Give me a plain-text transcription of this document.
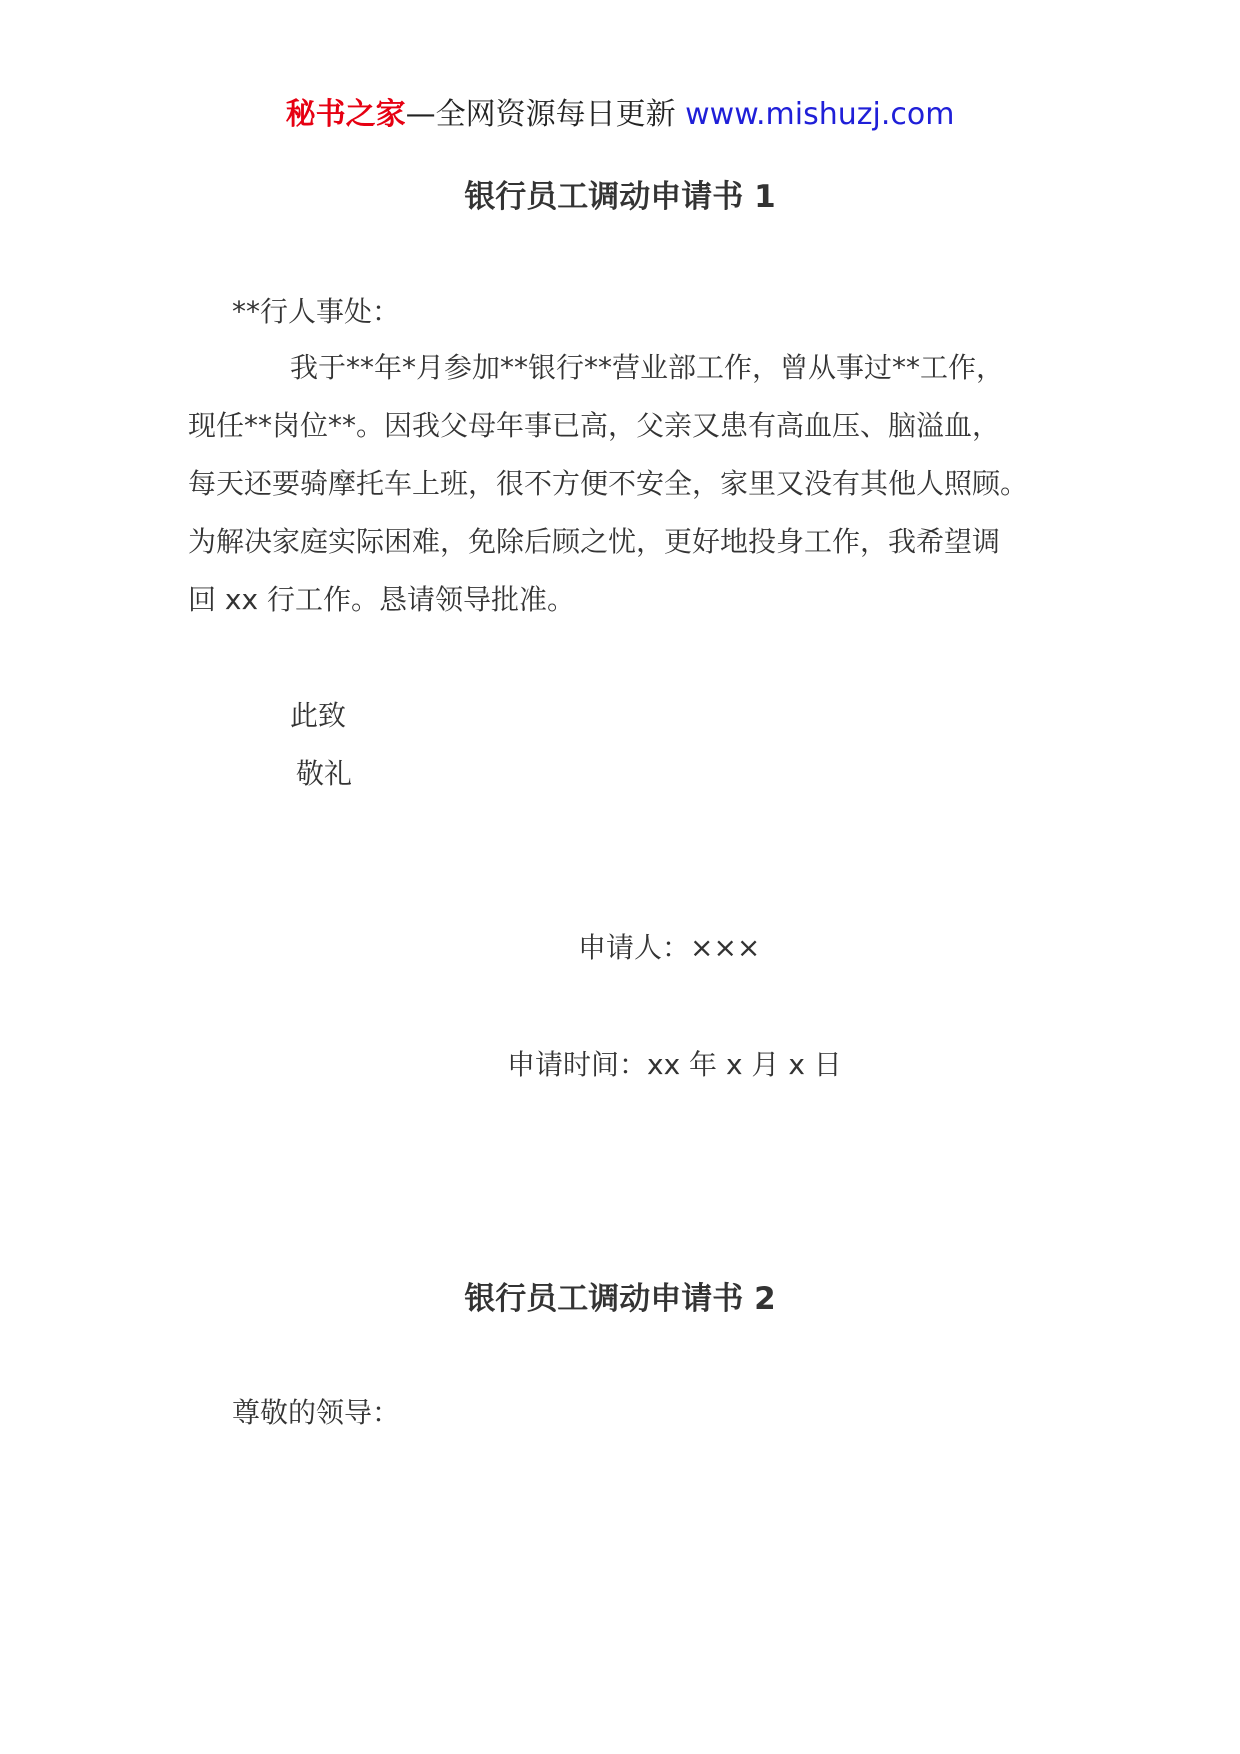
秘书之家—全网资源每日更新 www.mishuzj.com
银行员工调动申请书 1
**行人事处：
我于**年*月参加**银行**营业部工作，曾从事过**工作，
现任**岗位**。因我父母年事已高，父亲又患有高血压、脑溢血，
每天还要骑摩托车上班，很不方便不安全，家里又没有其他人照顾。
为解决家庭实际困难，免除后顾之忧，更好地投身工作，我希望调
回 xx 行工作。恳请领导批准。
此致
敬礼
申请人：×××
申请时间：xx 年 x 月 x 日
银行员工调动申请书 2
尊敬的领导：
